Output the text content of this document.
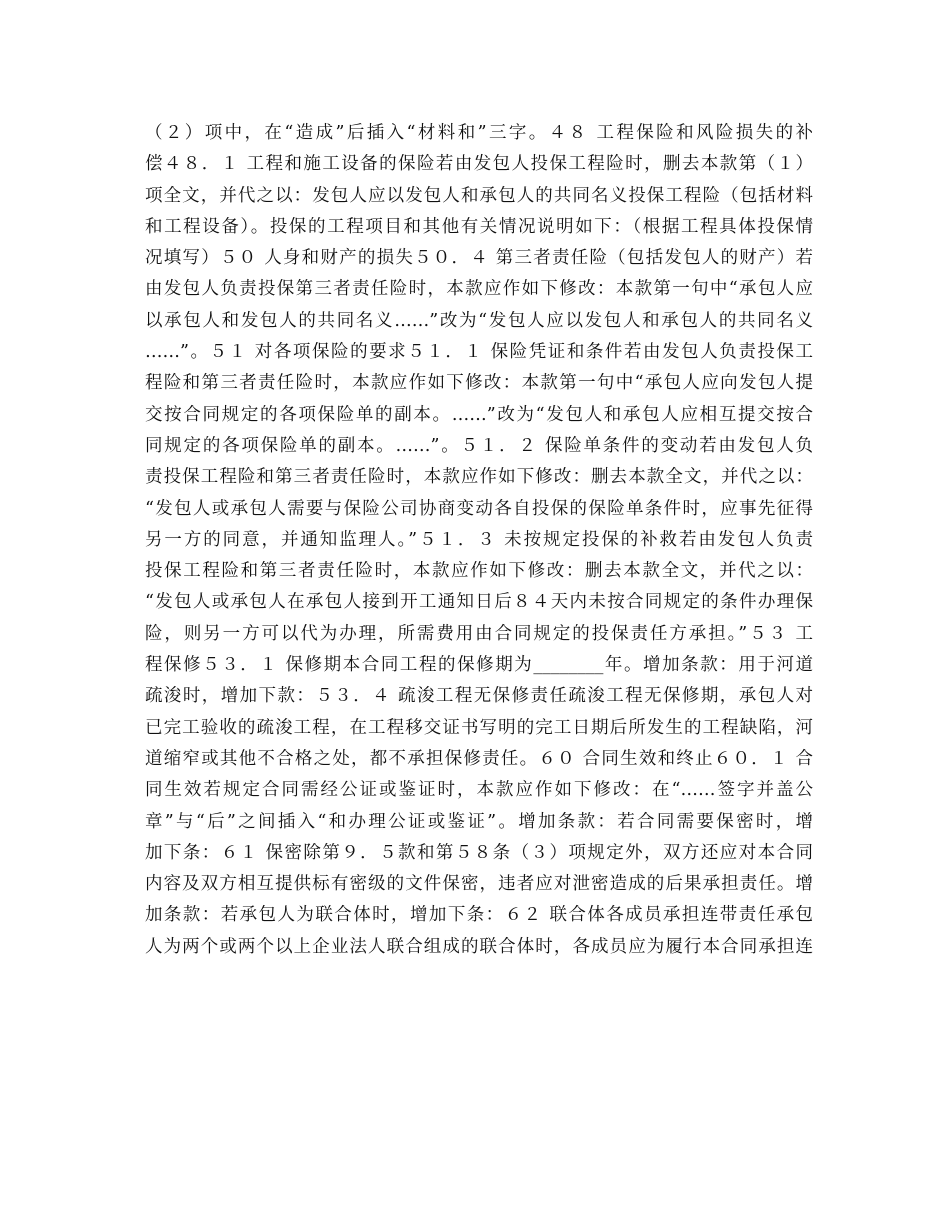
（２）项中，在“造成”后插入“材料和”三字。４８ 工程保险和风险损失的补
偿４８．１ 工程和施工设备的保险若由发包人投保工程险时，删去本款第（１）
项全文，并代之以：发包人应以发包人和承包人的共同名义投保工程险（包括材料
和工程设备）。投保的工程项目和其他有关情况说明如下：（根据工程具体投保情
况填写）５０ 人身和财产的损失５０．４ 第三者责任险（包括发包人的财产）若
由发包人负责投保第三者责任险时，本款应作如下修改：本款第一句中“承包人应
以承包人和发包人的共同名义……”改为“发包人应以发包人和承包人的共同名义
……”。５１ 对各项保险的要求５１．１ 保险凭证和条件若由发包人负责投保工
程险和第三者责任险时，本款应作如下修改：本款第一句中“承包人应向发包人提
交按合同规定的各项保险单的副本。……”改为“发包人和承包人应相互提交按合
同规定的各项保险单的副本。……”。５１．２ 保险单条件的变动若由发包人负
责投保工程险和第三者责任险时，本款应作如下修改：删去本款全文，并代之以：
“发包人或承包人需要与保险公司协商变动各自投保的保险单条件时，应事先征得
另一方的同意，并通知监理人。”５１．３ 未按规定投保的补救若由发包人负责
投保工程险和第三者责任险时，本款应作如下修改：删去本款全文，并代之以：
“发包人或承包人在承包人接到开工通知日后８４天内未按合同规定的条件办理保
险，则另一方可以代为办理，所需费用由合同规定的投保责任方承担。”５３ 工
程保修５３．１ 保修期本合同工程的保修期为________年。增加条款：用于河道
疏浚时，增加下款：５３．４ 疏浚工程无保修责任疏浚工程无保修期，承包人对
已完工验收的疏浚工程，在工程移交证书写明的完工日期后所发生的工程缺陷，河
道缩窄或其他不合格之处，都不承担保修责任。６０ 合同生效和终止６０．１ 合
同生效若规定合同需经公证或鉴证时，本款应作如下修改：在“……签字并盖公
章”与“后”之间插入“和办理公证或鉴证”。增加条款：若合同需要保密时，增
加下条：６１ 保密除第９．５款和第５８条（３）项规定外，双方还应对本合同
内容及双方相互提供标有密级的文件保密，违者应对泄密造成的后果承担责任。增
加条款：若承包人为联合体时，增加下条：６２ 联合体各成员承担连带责任承包
人为两个或两个以上企业法人联合组成的联合体时，各成员应为履行本合同承担连
